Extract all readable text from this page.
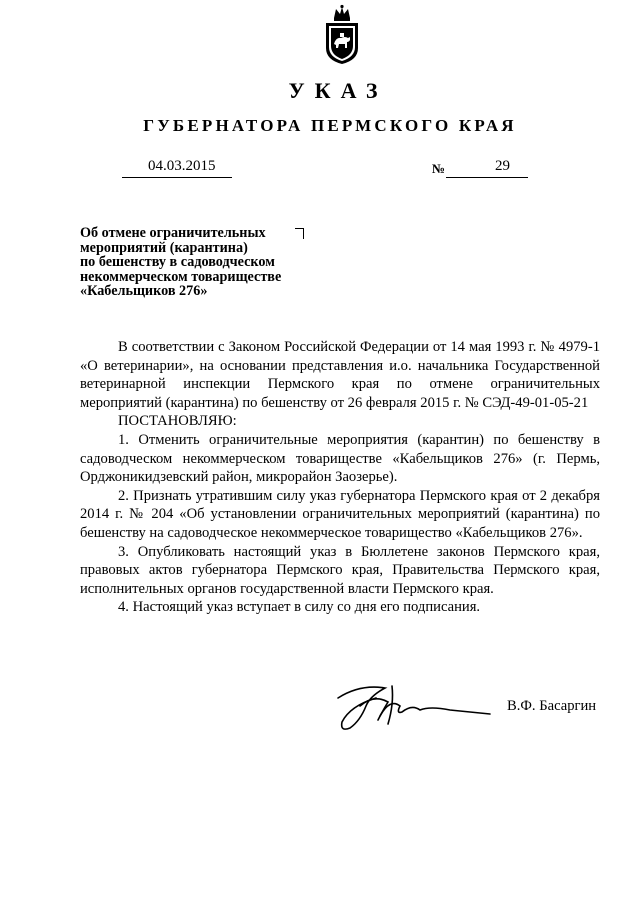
УКАЗ
ГУБЕРНАТОРА ПЕРМСКОГО КРАЯ
04.03.2015	№	29
Об отмене ограничительных
мероприятий (карантина)
по бешенству в садоводческом
некоммерческом товариществе
«Кабельщиков 276»

В соответствии с Законом Российской Федерации от 14 мая 1993 г. № 4979-1 «О ветеринарии», на основании представления и.о. начальника Государственной ветеринарной инспекции Пермского края по отмене ограничительных мероприятий (карантина) по бешенству от 26 февраля 2015 г. № СЭД-49-01-05-21

ПОСТАНОВЛЯЮ:

1. Отменить ограничительные мероприятия (карантин) по бешенству в садоводческом некоммерческом товариществе «Кабельщиков 276» (г. Пермь, Орджоникидзевский район, микрорайон Заозерье).

2. Признать утратившим силу указ губернатора Пермского края от 2 декабря 2014 г. № 204 «Об установлении ограничительных мероприятий (карантина) по бешенству на садоводческое некоммерческое товарищество «Кабельщиков 276».

3. Опубликовать настоящий указ в Бюллетене законов Пермского края, правовых актов губернатора Пермского края, Правительства Пермского края, исполнительных органов государственной власти Пермского края.

4. Настоящий указ вступает в силу со дня его подписания.

В.Ф. Басаргин
